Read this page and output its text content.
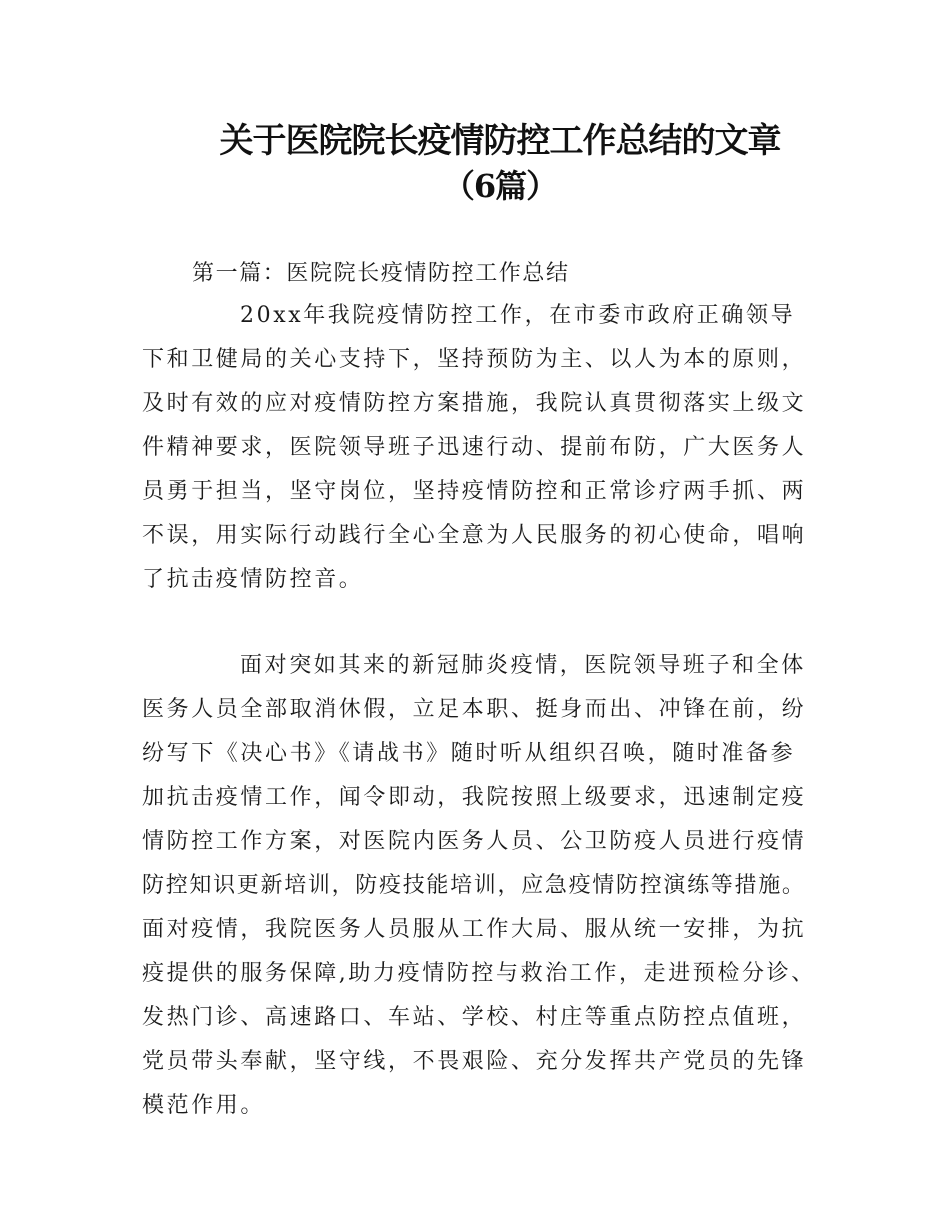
关于医院院长疫情防控工作总结的文章
（6篇）
第一篇：医院院长疫情防控工作总结
20xx年我院疫情防控工作，在市委市政府正确领导
下和卫健局的关心支持下，坚持预防为主、以人为本的原则，
及时有效的应对疫情防控方案措施，我院认真贯彻落实上级文
件精神要求，医院领导班子迅速行动、提前布防，广大医务人
员勇于担当，坚守岗位，坚持疫情防控和正常诊疗两手抓、两
不误，用实际行动践行全心全意为人民服务的初心使命，唱响
了抗击疫情防控音。
面对突如其来的新冠肺炎疫情，医院领导班子和全体
医务人员全部取消休假，立足本职、挺身而出、冲锋在前，纷
纷写下《决心书》《请战书》随时听从组织召唤，随时准备参
加抗击疫情工作，闻令即动，我院按照上级要求，迅速制定疫
情防控工作方案，对医院内医务人员、公卫防疫人员进行疫情
防控知识更新培训，防疫技能培训，应急疫情防控演练等措施。
面对疫情，我院医务人员服从工作大局、服从统一安排，为抗
疫提供的服务保障,助力疫情防控与救治工作，走进预检分诊、
发热门诊、高速路口、车站、学校、村庄等重点防控点值班，
党员带头奉献，坚守线，不畏艰险、充分发挥共产党员的先锋
模范作用。
